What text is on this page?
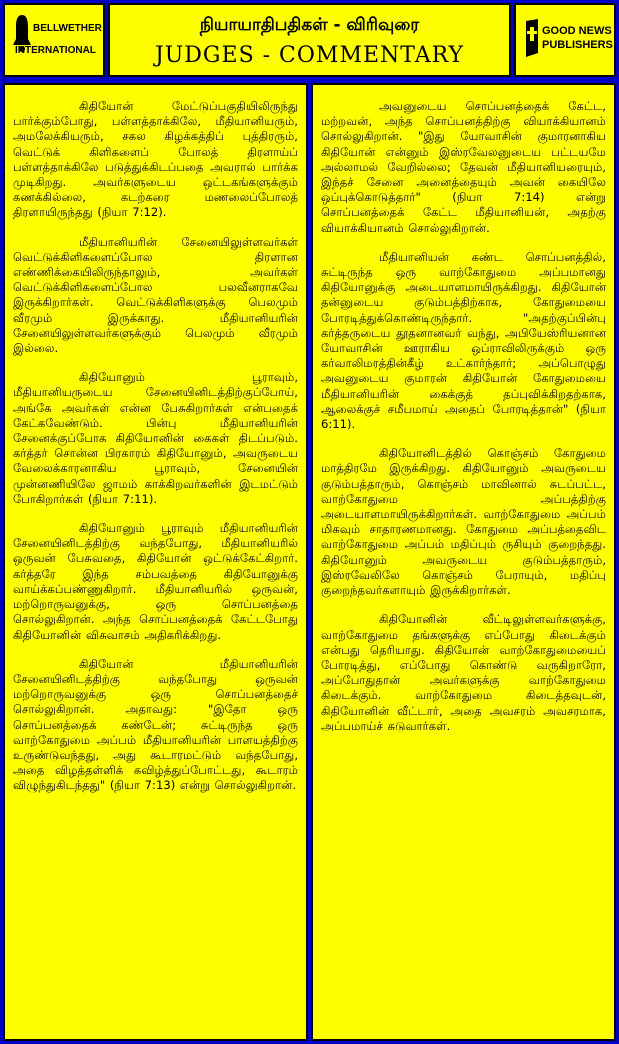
BELLWETHER
INTERNATIONAL
நியாயாதிபதிகள் - விரிவுரை
JUDGES - COMMENTARY
GOOD NEWS
PUBLISHERS

கிதியோன் மேட்டுப்பகுதியிலிருந்து பார்க்கும்போது, பள்ளத்தாக்கிலே, மீதியானியரும், அமலேக்கியரும், சகல கிழக்கத்திப் புத்திரரும், வெட்டுக் கிளிகளைப் போலத் திரளாய்ப் பள்ளத்தாக்கிலே படுத்துக்கிடப்பதை அவரால் பார்க்க முடிகிறது. அவர்களுடைய ஒட்டகங்களுக்கும் கணக்கில்லை, கடற்கரை மணலைப்போலத் திரளாயிருந்தது (நியா 7:12).

மீதியானியரின் சேனையிலுள்ளவர்கள் வெட்டுக்கிளிகளைப்போல திரளான எண்ணிக்கையிலிருந்தாலும், அவர்கள் வெட்டுக்கிளிகளைப்போல பலவீனராகவே இருக்கிறார்கள். வெட்டுக்கிளிகளுக்கு பெலமும் வீரமும் இருக்காது. மீதியானியரின் சேனையிலுள்ளவர்களுக்கும் பெலமும் வீரமும் இல்லை.

கிதியோனும் பூராவும், மீதியானியருடைய சேனையினிடத்திற்குப்போய், அங்கே அவர்கள் என்ன பேசுகிறார்கள் என்பதைக் கேட்கவேண்டும். பின்பு மீதியானியரின் சேனைக்குப்போக கிதியோனின் கைகள் திடப்படும். கர்த்தர் சொன்ன பிரகாரம் கிதியோனும், அவருடைய வேலைக்காரனாகிய பூராவும், சேனையின் முன்னணியிலே ஜாமம் காக்கிறவர்களின் இடமட்டும் போகிறார்கள் (நியா 7:11).

கிதியோனும் பூராவும் மீதியானியரின் சேனையினிடத்திற்கு வந்தபோது, மீதியானியரில் ஒருவன் பேசுவதை, கிதியோன் ஒட்டுக்கேட்கிறார். கர்த்தரே இந்த சம்பவத்தை கிதியோனுக்கு வாய்க்கப்பண்ணுகிறார். மீதியானியரில் ஒருவன், மற்றொருவனுக்கு, ஒரு சொப்பனத்தை சொல்லுகிறான். அந்த சொப்பனத்தைக் கேட்டபோது கிதியோனின் விசுவாசம் அதிகரிக்கிறது.

கிதியோன் மீதியானியரின் சேனையினிடத்திற்கு வந்தபோது ஒருவன் மற்றொருவனுக்கு ஒரு சொப்பனத்தைச் சொல்லுகிறான். அதாவது: "இதோ ஒரு சொப்பனத்தைக் கண்டேன்; சுட்டிருந்த ஒரு வாற்கோதுமை அப்பம் மீதியானியரின் பாளயத்திற்கு உருண்டுவந்தது, அது கூடாரமட்டும் வந்தபோது, அதை விழத்தள்ளிக் கவிழ்த்துப்போட்டது, கூடாரம் விழுந்துகிடந்தது" (நியா 7:13) என்று சொல்லுகிறான்.

அவனுடைய சொப்பனத்தைக் கேட்ட, மற்றவன், அந்த சொப்பனத்திற்கு வியாக்கியானம் சொல்லுகிறான். "இது யோவாசின் குமாரனாகிய கிதியோன் என்னும் இஸ்ரவேலனுடைய பட்டயமே அல்லாமல் வேறில்லை; தேவன் மீதியானியரையும், இந்தச் சேனை அனைத்தையும் அவன் கையிலே ஒப்புக்கொடுத்தார்" (நியா 7:14) என்று சொப்பனத்தைக் கேட்ட மீதியானியன், அதற்கு வியாக்கியானம் சொல்லுகிறான்.

மீதியானியன் கண்ட சொப்பனத்தில், சுட்டிருந்த ஒரு வாற்கோதுமை அப்பமானது கிதியோனுக்கு அடையாளமாயிருக்கிறது. கிதியோன் தன்னுடைய குடும்பத்திற்காக, கோதுமையை போரடித்துக்கொண்டிருந்தார். "அதற்குப்பின்பு கர்த்தருடைய தூதனானவர் வந்து, அபியேஸ்ரியனான யோவாசின் ஊராகிய ஒப்ராவிலிருக்கும் ஒரு கர்வாலிமரத்தின்கீழ் உட்கார்ந்தார்; அப்பொழுது அவனுடைய குமாரன் கிதியோன் கோதுமையை மீதியானியரின் கைக்குத் தப்புவிக்கிறதற்காக, ஆலைக்குச் சமீபமாய் அதைப் போரடித்தான்" (நியா 6:11).

கிதியோனிடத்தில் கொஞ்சம் கோதுமை மாத்திரமே இருக்கிறது. கிதியோனும் அவருடைய குடும்பத்தாரும், கொஞ்சம் மாவினால் சுடப்பட்ட, வாற்கோதுமை அப்பத்திற்கு அடையாளமாயிருக்கிறார்கள். வாற்கோதுமை அப்பம் மிகவும் சாதாரணமானது. கோதுமை அப்பத்தைவிட வாற்கோதுமை அப்பம் மதிப்பும் ருசியும் குறைந்தது. கிதியோனும் அவருடைய குடும்பத்தாரும், இஸ்ரவேலிலே கொஞ்சம் பேராயும், மதிப்பு குறைந்தவர்களாயும் இருக்கிறார்கள்.

கிதியோனின் வீட்டிலுள்ளவர்களுக்கு, வாற்கோதுமை தங்களுக்கு எப்போது கிடைக்கும் என்பது தெரியாது. கிதியோன் வாற்கோதுமையைப் போரடித்து, எப்போது கொண்டு வருகிறாரோ, அப்போதுதான் அவர்களுக்கு வாற்கோதுமை கிடைக்கும். வாற்கோதுமை கிடைத்தவுடன், கிதியோனின் வீட்டார், அதை அவசரம் அவசரமாக, அப்பமாய்ச் சுடுவார்கள்.
